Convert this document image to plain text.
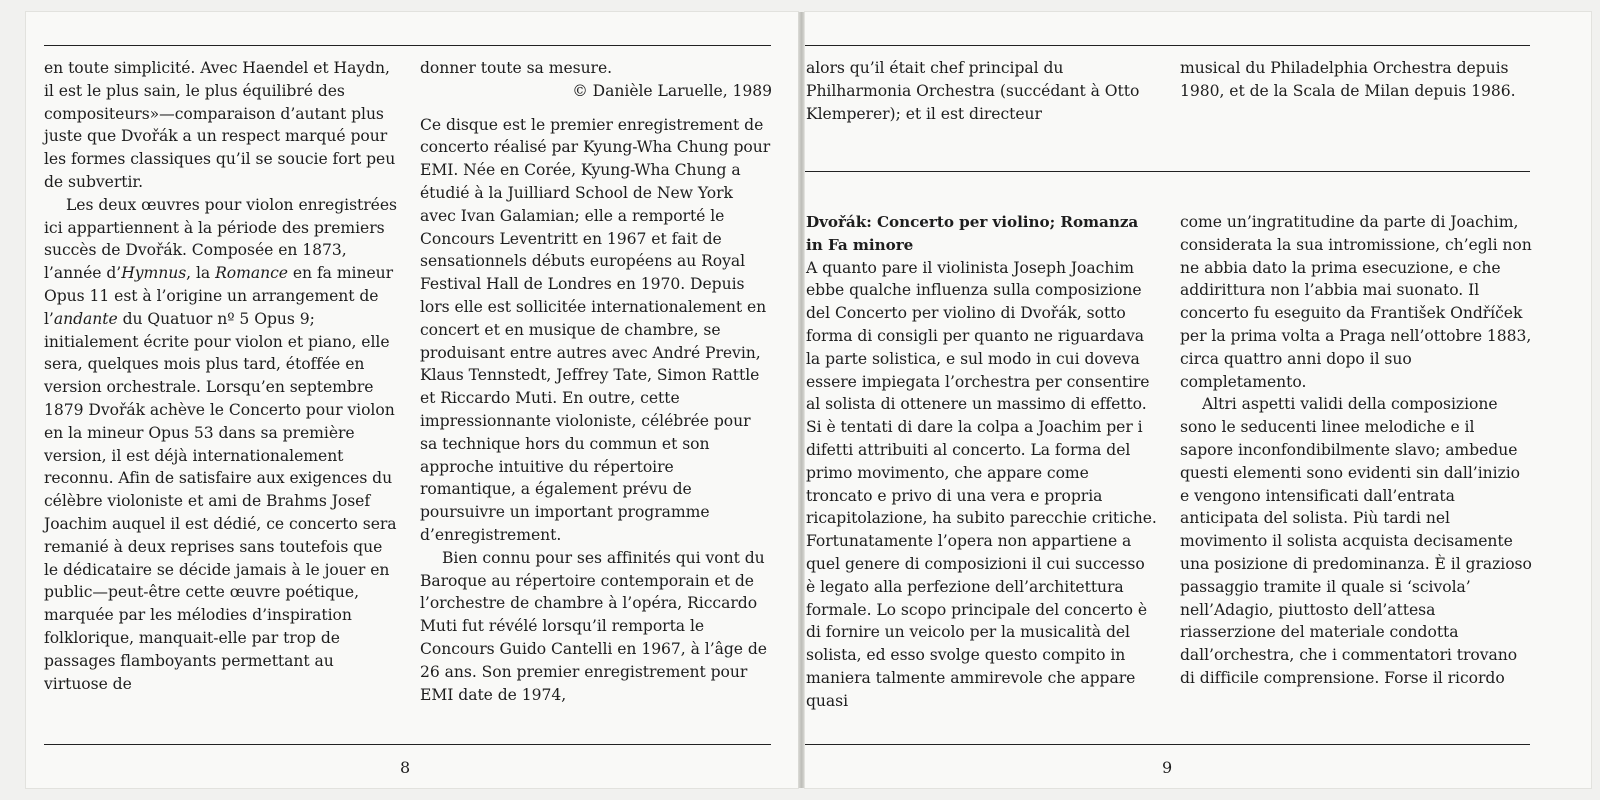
en toute simplicité. Avec Haendel et Haydn, il est le plus sain, le plus équilibré des compositeurs»—comparaison d’autant plus juste que Dvořák a un respect marqué pour les formes classiques qu’il se soucie fort peu de subvertir.

Les deux œuvres pour violon enregistrées ici appartiennent à la période des premiers succès de Dvořák. Composée en 1873, l’année d’Hymnus, la Romance en fa mineur Opus 11 est à l’origine un arrangement de l’andante du Quatuor nº 5 Opus 9; initialement écrite pour violon et piano, elle sera, quelques mois plus tard, étoffée en version orchestrale. Lorsqu’en septembre 1879 Dvořák achève le Concerto pour violon en la mineur Opus 53 dans sa première version, il est déjà internationalement reconnu. Afin de satisfaire aux exigences du célèbre violoniste et ami de Brahms Josef Joachim auquel il est dédié, ce concerto sera remanié à deux reprises sans toutefois que le dédicataire se décide jamais à le jouer en public—peut-être cette œuvre poétique, marquée par les mélodies d’inspiration folklorique, manquait-elle par trop de passages flamboyants permettant au virtuose de

donner toute sa mesure.

© Danièle Laruelle, 1989

Ce disque est le premier enregistrement de concerto réalisé par Kyung-Wha Chung pour EMI. Née en Corée, Kyung-Wha Chung a étudié à la Juilliard School de New York avec Ivan Galamian; elle a remporté le Concours Leventritt en 1967 et fait de sensationnels débuts européens au Royal Festival Hall de Londres en 1970. Depuis lors elle est sollicitée internationalement en concert et en musique de chambre, se produisant entre autres avec André Previn, Klaus Tennstedt, Jeffrey Tate, Simon Rattle et Riccardo Muti. En outre, cette impressionnante violoniste, célébrée pour sa technique hors du commun et son approche intuitive du répertoire romantique, a également prévu de poursuivre un important programme d’enregistrement.

Bien connu pour ses affinités qui vont du Baroque au répertoire contemporain et de l’orchestre de chambre à l’opéra, Riccardo Muti fut révélé lorsqu’il remporta le Concours Guido Cantelli en 1967, à l’âge de 26 ans. Son premier enregistrement pour EMI date de 1974,

alors qu’il était chef principal du Philharmonia Orchestra (succédant à Otto Klemperer); et il est directeur

musical du Philadelphia Orchestra depuis 1980, et de la Scala de Milan depuis 1986.

Dvořák: Concerto per violino; Romanza in Fa minore

A quanto pare il violinista Joseph Joachim ebbe qualche influenza sulla composizione del Concerto per violino di Dvořák, sotto forma di consigli per quanto ne riguardava la parte solistica, e sul modo in cui doveva essere impiegata l’orchestra per consentire al solista di ottenere un massimo di effetto. Si è tentati di dare la colpa a Joachim per i difetti attribuiti al concerto. La forma del primo movimento, che appare come troncato e privo di una vera e propria ricapitolazione, ha subito parecchie critiche. Fortunatamente l’opera non appartiene a quel genere di composizioni il cui successo è legato alla perfezione dell’architettura formale. Lo scopo principale del concerto è di fornire un veicolo per la musicalità del solista, ed esso svolge questo compito in maniera talmente ammirevole che appare quasi

come un’ingratitudine da parte di Joachim, considerata la sua intromissione, ch’egli non ne abbia dato la prima esecuzione, e che addirittura non l’abbia mai suonato. Il concerto fu eseguito da František Ondříček per la prima volta a Praga nell’ottobre 1883, circa quattro anni dopo il suo completamento.

Altri aspetti validi della composizione sono le seducenti linee melodiche e il sapore inconfondibilmente slavo; ambedue questi elementi sono evidenti sin dall’inizio e vengono intensificati dall’entrata anticipata del solista. Più tardi nel movimento il solista acquista decisamente una posizione di predominanza. È il grazioso passaggio tramite il quale si ‘scivola’ nell’Adagio, piuttosto dell’attesa riasserzione del materiale condotta dall’orchestra, che i commentatori trovano di difficile comprensione. Forse il ricordo

8	9
